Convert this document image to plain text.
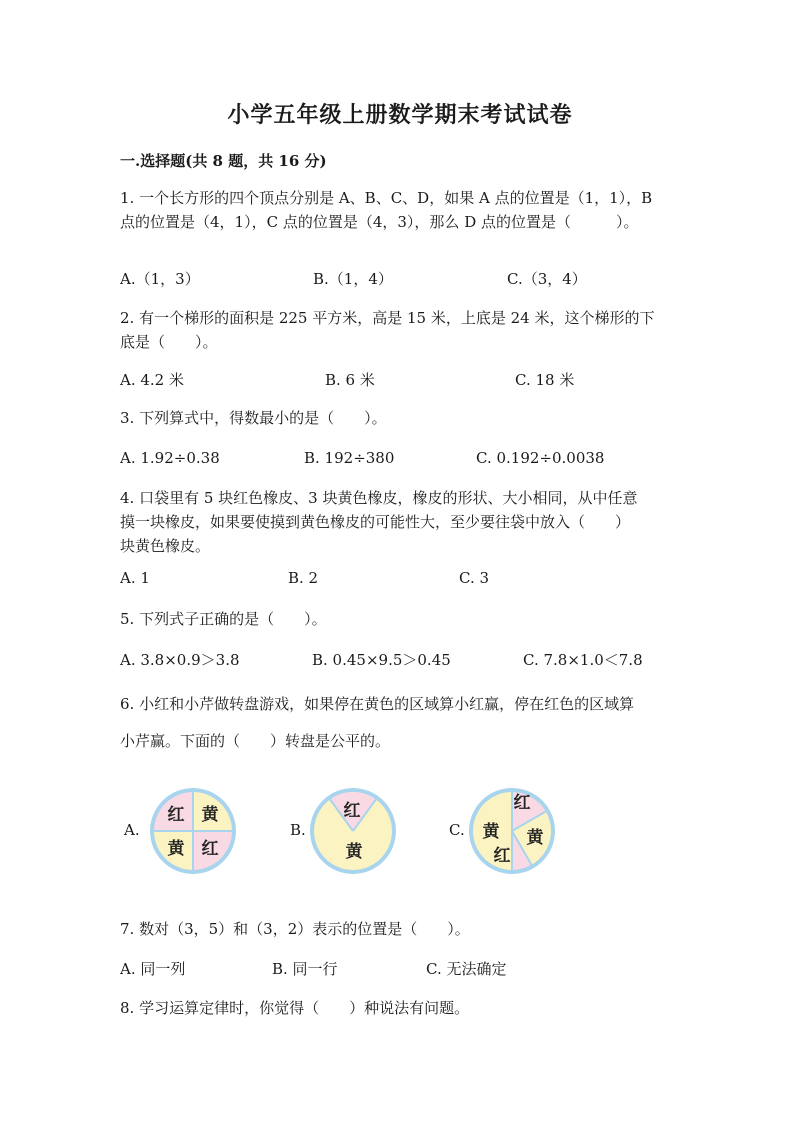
小学五年级上册数学期末考试试卷
一.选择题(共 8 题，共 16 分)
1. 一个长方形的四个顶点分别是 A、B、C、D，如果 A 点的位置是（1，1），B
点的位置是（4，1），C 点的位置是（4，3），那么 D 点的位置是（　　　）。
A.（1，3）	B.（1，4）	C.（3，4）
2. 有一个梯形的面积是 225 平方米，高是 15 米，上底是 24 米，这个梯形的下
底是（　　）。
A. 4.2 米	B. 6 米	C. 18 米
3. 下列算式中，得数最小的是（　　）。
A. 1.92÷0.38	B. 192÷380	C. 0.192÷0.0038
4. 口袋里有 5 块红色橡皮、3 块黄色橡皮，橡皮的形状、大小相同，从中任意
摸一块橡皮，如果要使摸到黄色橡皮的可能性大，至少要往袋中放入（　　）
块黄色橡皮。
A. 1	B. 2	C. 3
5. 下列式子正确的是（　　）。
A. 3.8×0.9＞3.8	B. 0.45×9.5＞0.45	C. 7.8×1.0＜7.8
6. 小红和小芹做转盘游戏，如果停在黄色的区域算小红赢，停在红色的区域算
小芹赢。下面的（　　）转盘是公平的。
A.
红 黄
黄 红
B.
红
黄
C.
红
黄 黄
红
7. 数对（3，5）和（3，2）表示的位置是（　　）。
A. 同一列	B. 同一行	C. 无法确定
8. 学习运算定律时，你觉得（　　）种说法有问题。
